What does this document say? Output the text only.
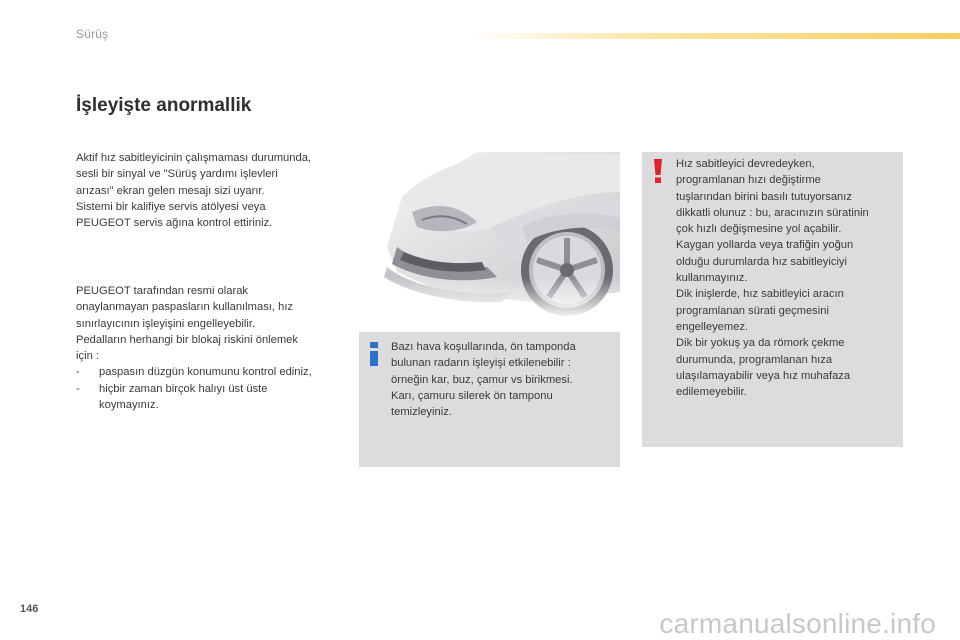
Sürüş
İşleyişte anormallik

Aktif hız sabitleyicinin çalışmaması durumunda,

sesli bir sinyal ve "Sürüş yardımı işlevleri

arızası" ekran gelen mesajı sizi uyarır.

Sistemi bir kalifiye servis atölyesi veya

PEUGEOT servis ağına kontrol ettiriniz.

PEUGEOT tarafından resmi olarak

onaylanmayan paspasların kullanılması, hız

sınırlayıcının işleyişini engelleyebilir.

Pedalların herhangi bir blokaj riskini önlemek

için :

- paspasın düzgün konumunu kontrol ediniz,
- hiçbir zaman birçok halıyı üst üste
koymayınız.
Bazı hava koşullarında, ön tamponda
bulunan radarın işleyişi etkilenebilir :
örneğin kar, buz, çamur vs birikmesi.
Karı, çamuru silerek ön tamponu
temizleyiniz.
Hız sabitleyici devredeyken,
programlanan hızı değiştirme
tuşlarından birini basılı tutuyorsanız
dikkatli olunuz : bu, aracınızın süratinin
çok hızlı değişmesine yol açabilir.
Kaygan yollarda veya trafiğin yoğun
olduğu durumlarda hız sabitleyiciyi
kullanmayınız.
Dik inişlerde, hız sabitleyici aracın
programlanan sürati geçmesini
engelleyemez.
Dik bir yokuş ya da römork çekme
durumunda, programlanan hıza
ulaşılamayabilir veya hız muhafaza
edilemeyebilir.
146	carmanualsonline.info
